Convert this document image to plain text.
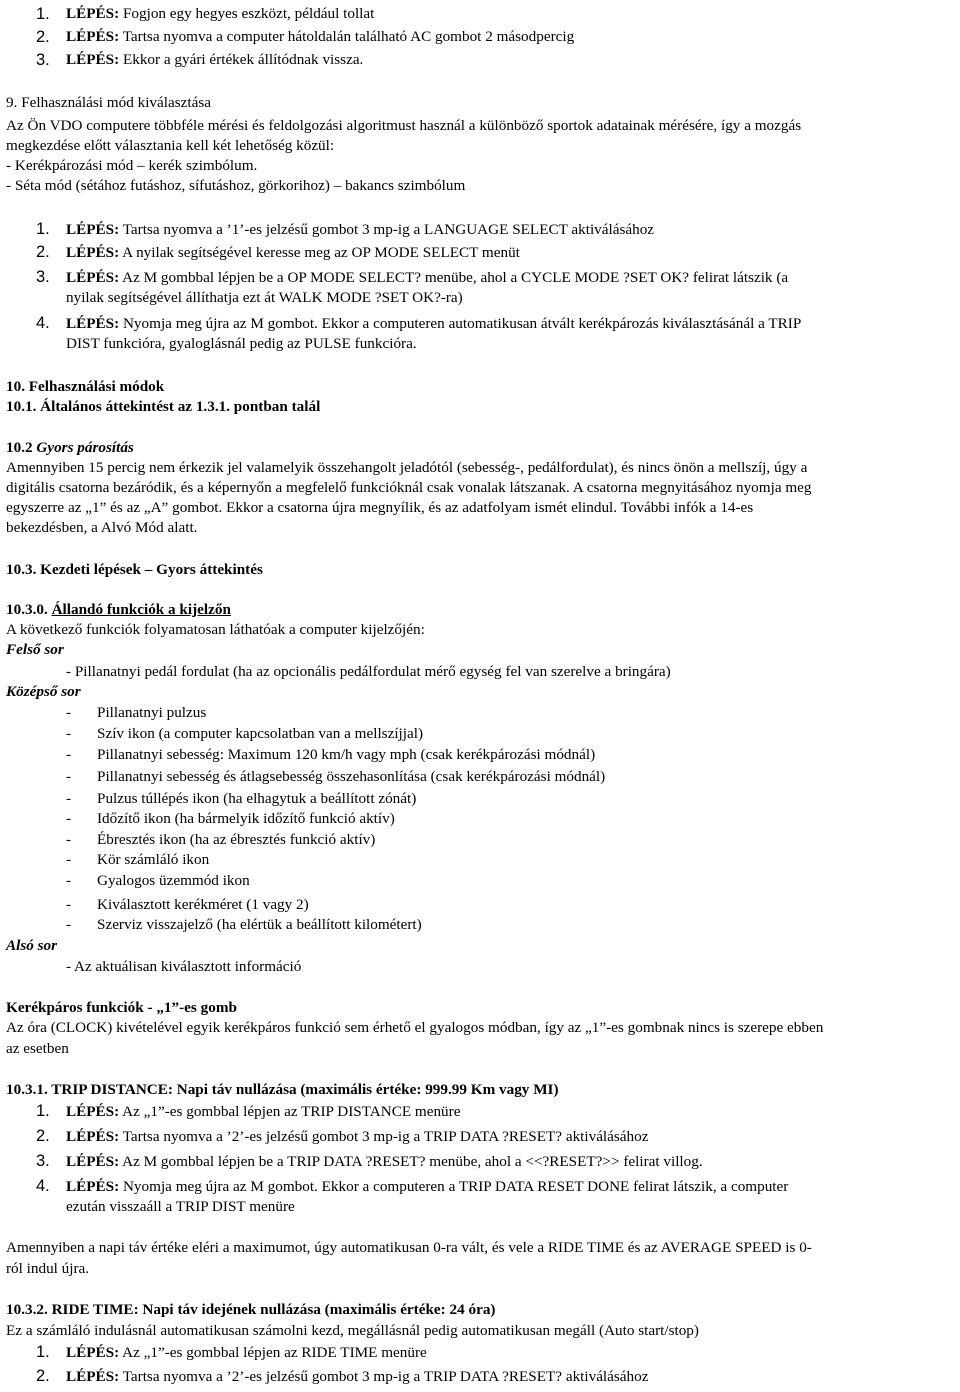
1. LÉPÉS: Fogjon egy hegyes eszközt, például tollat
2. LÉPÉS: Tartsa nyomva a computer hátoldalán található AC gombot 2 másodpercig
3. LÉPÉS: Ekkor a gyári értékek állítódnak vissza.
9. Felhasználási mód kiválasztása
Az Ön VDO computere többféle mérési és feldolgozási algoritmust használ a különböző sportok adatainak mérésére, így a mozgás
megkezdése előtt választania kell két lehetőség közül:
- Kerékpározási mód – kerék szimbólum.
- Séta mód (sétához futáshoz, sífutáshoz, görkorihoz) – bakancs szimbólum
1. LÉPÉS: Tartsa nyomva a ’1’-es jelzésű gombot 3 mp-ig a LANGUAGE SELECT aktiválásához
2. LÉPÉS: A nyilak segítségével keresse meg az OP MODE SELECT menüt
3. LÉPÉS: Az M gombbal lépjen be a OP MODE SELECT? menübe, ahol a CYCLE MODE ?SET OK? felirat látszik (a
nyilak segítségével állíthatja ezt át WALK MODE ?SET OK?-ra)
4. LÉPÉS: Nyomja meg újra az M gombot. Ekkor a computeren automatikusan átvált kerékpározás kiválasztásánál a TRIP
DIST funkcióra, gyaloglásnál pedig az PULSE funkcióra.
10. Felhasználási módok
10.1. Általános áttekintést az 1.3.1. pontban talál
10.2 Gyors párosítás
Amennyiben 15 percig nem érkezik jel valamelyik összehangolt jeladótól (sebesség-, pedálfordulat), és nincs önön a mellszíj, úgy a
digitális csatorna bezáródik, és a képernyőn a megfelelő funkcióknál csak vonalak látszanak. A csatorna megnyitásához nyomja meg
egyszerre az „1” és az „A” gombot. Ekkor a csatorna újra megnyílik, és az adatfolyam ismét elindul. További infók a 14-es
bekezdésben, a Alvó Mód alatt.
10.3. Kezdeti lépések – Gyors áttekintés
10.3.0. Állandó funkciók a kijelzőn
A következő funkciók folyamatosan láthatóak a computer kijelzőjén:
Felső sor
- Pillanatnyi pedál fordulat (ha az opcionális pedálfordulat mérő egység fel van szerelve a bringára)
Középső sor
- Pillanatnyi pulzus
- Szív ikon (a computer kapcsolatban van a mellszíjjal)
- Pillanatnyi sebesség: Maximum 120 km/h vagy mph (csak kerékpározási módnál)
- Pillanatnyi sebesség és átlagsebesség összehasonlítása (csak kerékpározási módnál)
- Pulzus túllépés ikon (ha elhagytuk a beállított zónát)
- Időzítő ikon (ha bármelyik időzítő funkció aktív)
- Ébresztés ikon (ha az ébresztés funkció aktív)
- Kör számláló ikon
- Gyalogos üzemmód ikon
- Kiválasztott kerékméret (1 vagy 2)
- Szerviz visszajelző (ha elértük a beállított kilométert)
Alsó sor
- Az aktuálisan kiválasztott információ
Kerékpáros funkciók - „1”-es gomb
Az óra (CLOCK) kivételével egyik kerékpáros funkció sem érhető el gyalogos módban, így az „1”-es gombnak nincs is szerepe ebben
az esetben
10.3.1. TRIP DISTANCE: Napi táv nullázása (maximális értéke: 999.99 Km vagy MI)
1. LÉPÉS: Az „1”-es gombbal lépjen az TRIP DISTANCE menüre
2. LÉPÉS: Tartsa nyomva a ’2’-es jelzésű gombot 3 mp-ig a TRIP DATA ?RESET? aktiválásához
3. LÉPÉS: Az M gombbal lépjen be a TRIP DATA ?RESET? menübe, ahol a <<?RESET?>> felirat villog.
4. LÉPÉS: Nyomja meg újra az M gombot. Ekkor a computeren a TRIP DATA RESET DONE felirat látszik, a computer
ezután visszaáll a TRIP DIST menüre
Amennyiben a napi táv értéke eléri a maximumot, úgy automatikusan 0-ra vált, és vele a RIDE TIME és az AVERAGE SPEED is 0-
ról indul újra.
10.3.2. RIDE TIME: Napi táv idejének nullázása (maximális értéke: 24 óra)
Ez a számláló indulásnál automatikusan számolni kezd, megállásnál pedig automatikusan megáll (Auto start/stop)
1. LÉPÉS: Az „1”-es gombbal lépjen az RIDE TIME menüre
2. LÉPÉS: Tartsa nyomva a ’2’-es jelzésű gombot 3 mp-ig a TRIP DATA ?RESET? aktiválásához
